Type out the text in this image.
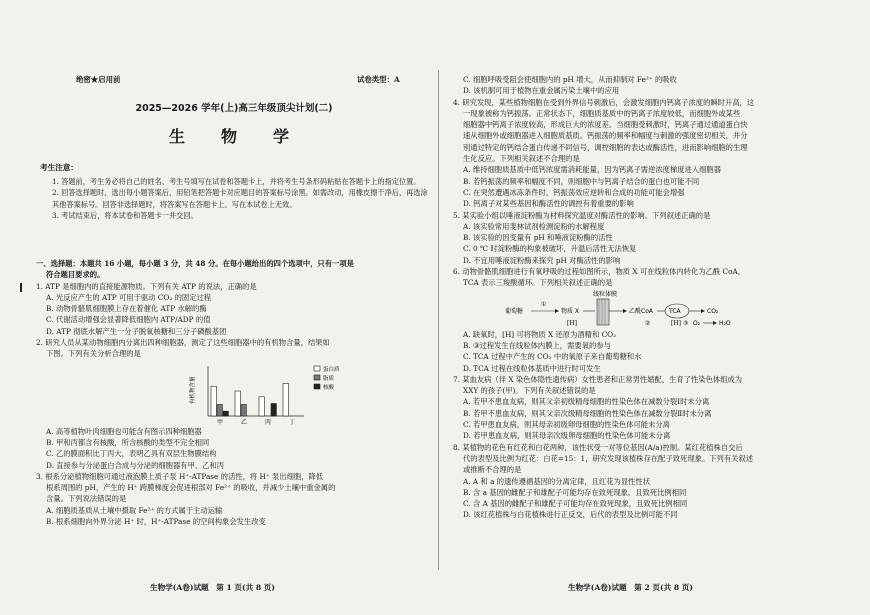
绝密★启用前	试卷类型：A
2025—2026 学年(上)高三年级顶尖计划(二)
生　物　学
考生注意：

1. 答题前，考生务必将自己的姓名、考生号填写在试卷和答题卡上，并将考生号条形码粘贴在答题卡上的指定位置。

2. 回答选择题时，选出每小题答案后，用铅笔把答题卡对应题目的答案标号涂黑。如需改动，用橡皮擦干净后，再选涂其他答案标号。回答非选择题时，将答案写在答题卡上。写在本试卷上无效。

3. 考试结束后，将本试卷和答题卡一并交回。

一、选择题：本题共 16 小题，每小题 3 分，共 48 分。在每小题给出的四个选项中，只有一项是

符合题目要求的。

1. ATP 是细胞内的直接能源物质。下列有关 ATP 的说法，正确的是

A. 光反应产生的 ATP 可用于驱动 CO₂ 的固定过程

B. 动物骨骼肌细胞膜上存在着催化 ATP 水解的酶

C. 代谢活动增强会显著降低细胞内 ATP/ADP 的值

D. ATP 彻底水解产生一分子脱氧核糖和三分子磷酸基团

2. 研究人员从某动物细胞内分离出四种细胞器，测定了这些细胞器中的有机物含量，结果如

下图。下列有关分析合理的是

有机物含量
甲	乙	丙	丁
蛋白质
脂质
核酸

A. 高等植物叶肉细胞也可能含有图示四种细胞器

B. 甲和丙都含有核酸，所含核酸的类型不完全相同

C. 乙的膜面积比丁丙大，表明乙具有双层生物膜结构

D. 直接参与分泌蛋白合成与分泌的细胞器有甲、乙和丙

3. 根系分泌植物细胞可通过液泡膜上质子泵 H⁺-ATPase 的活性，将 H⁺ 泵出细胞，降低

根系周围的 pH，产生的 H⁺ 跨膜梯度会促进根部对 Fe²⁺ 的吸收，并减少土壤中重金属的

含量。下列说法错误的是

A. 细胞质基质从土壤中摄取 Fe²⁺ 的方式属于主动运输

B. 根系细胞向外界分泌 H⁺ 时，H⁺-ATPase 的空间构象会发生改变

C. 细胞呼吸受阻会使细胞内的 pH 增大，从而抑制对 Fe²⁺ 的吸收

D. 该机制可用于植物在重金属污染土壤中的应用

4. 研究发现，某些植物细胞在受到外界信号刺激后，会激发细胞内钙离子浓度的瞬时升高，这

一现象被称为钙振荡。正常状态下，细胞质基质中的钙离子浓度较低，而细胞外或某些

细胞器中钙离子浓度较高，形成巨大的浓度差。当细胞受刺激时，钙离子通过通道蛋白快

速从细胞外或细胞器进入细胞质基质。钙振荡的频率和幅度与刺激的强度密切相关，并分

别通过特定的钙结合蛋白传递不同信号，调控细胞的表达或酶活性，进而影响细胞的生理

生化反应。下列相关叙述不合理的是

A. 维持细胞质基质中低钙浓度需消耗能量，因为钙离子需逆浓度梯度进入细胞器

B. 若钙振荡的频率和幅度不同，则细胞中与钙离子结合的蛋白也可能不同

C. 在突然遭遇冰冻条件时，钙振荡效应逆转和合成的功能可能会增强

D. 钙离子对某些基因和酶活性的调控有着重要的影响

5. 某实验小组以唾液淀粉酶为材料探究温度对酶活性的影响。下列叙述正确的是

A. 该实验常用斐林试剂检测淀粉的水解程度

B. 该实验的因变量有 pH 和唾液淀粉酶的活性

C. 0 ℃ 时淀粉酶的构象被破坏，升温后活性无法恢复

D. 不宜用唾液淀粉酶来探究 pH 对酶活性的影响

6. 动物骨骼肌细胞进行有氧呼吸的过程如图所示，物质 X 可在线粒体内转化为乙酰 CoA，

TCA 表示三羧酸循环。下列相关叙述正确的是

线粒体膜
葡萄糖
①
物质 X
[H]
乙酰CoA	TCA	CO₂
③
[H] O₂	H₂O
②

A. 缺氧时，[H] 可将物质 X 还原为酒精和 CO₂

B. ③过程发生在线粒体内膜上，需要氧的参与

C. TCA 过程中产生的 CO₂ 中的氧原子来自葡萄糖和水

D. TCA 过程在线粒体基质中进行时可发生

7. 某血友病（伴 X 染色体隐性遗传病）女性患者和正常男性婚配，生育了性染色体组成为

XXY 的孩子(甲)。下列有关叙述错误的是

A. 若甲不患血友病，则其父亲初级精母细胞的性染色体在减数分裂Ⅰ时未分离

B. 若甲不患血友病，则其父亲次级精母细胞的性染色体在减数分裂Ⅱ时未分离

C. 若甲患血友病，则其母亲初级卵母细胞的性染色体可能未分离

D. 若甲患血友病，则其母亲次级卵母细胞的性染色体可能未分离

8. 某植物的花色有红花和白花两种，该性状受一对等位基因(A/a)控制。某红花植株自交后

代的表型及比例为红花：白花=15：1，研究发现该植株存在配子致死现象。下列有关叙述

或推断不合理的是

A. A 和 a 的遗传遵循基因的分离定律，且红花为显性性状

B. 含 a 基因的雌配子和雄配子可能均存在致死现象，且致死比例相同

C. 含 A 基因的雌配子和雄配子可能均存在致死现象，且致死比例相同

D. 该红花植株与白花植株进行正反交，后代的表型及比例可能不同

生物学(A卷)试题　第 1 页(共 8 页)	生物学(A卷)试题　第 2 页(共 8 页)
